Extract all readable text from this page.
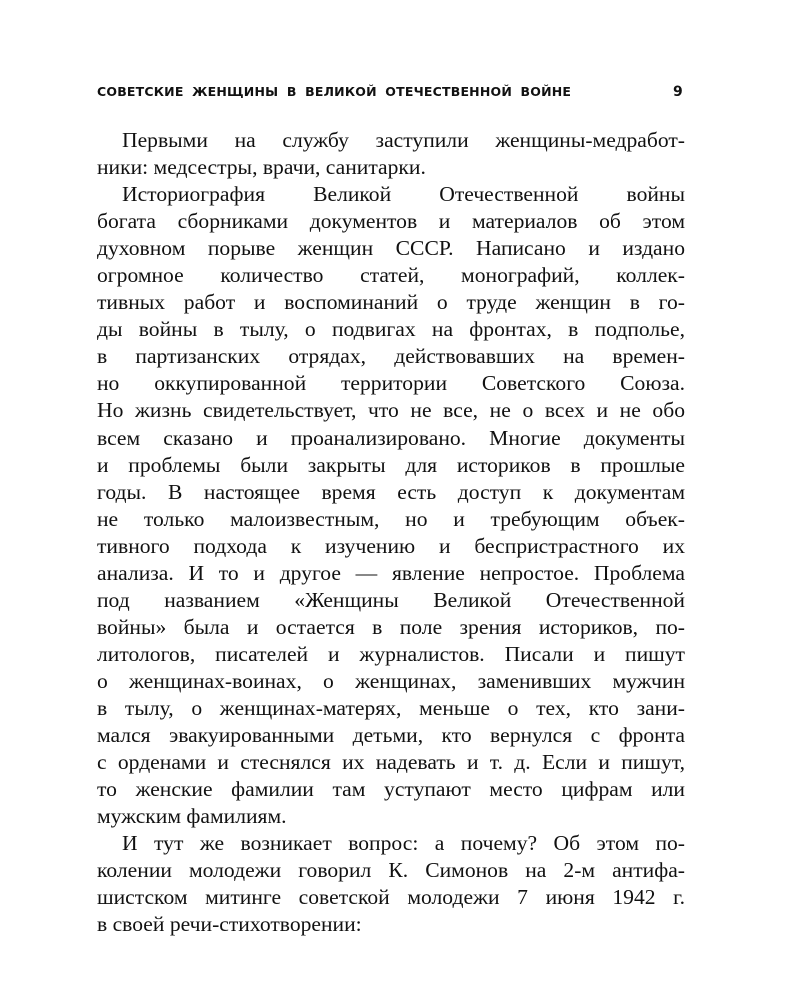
СОВЕТСКИЕ ЖЕНЩИНЫ В ВЕЛИКОЙ ОТЕЧЕСТВЕННОЙ ВОЙНЕ	9
Первыми на службу заступили женщины-медработ-
ники: медсестры, врачи, санитарки.
Историография Великой Отечественной войны
богата сборниками документов и материалов об этом
духовном порыве женщин СССР. Написано и издано
огромное количество статей, монографий, коллек-
тивных работ и воспоминаний о труде женщин в го-
ды войны в тылу, о подвигах на фронтах, в подполье,
в партизанских отрядах, действовавших на времен-
но оккупированной территории Советского Союза.
Но жизнь свидетельствует, что не все, не о всех и не обо
всем сказано и проанализировано. Многие документы
и проблемы были закрыты для историков в прошлые
годы. В настоящее время есть доступ к документам
не только малоизвестным, но и требующим объек-
тивного подхода к изучению и беспристрастного их
анализа. И то и другое — явление непростое. Проблема
под названием «Женщины Великой Отечественной
войны» была и остается в поле зрения историков, по-
литологов, писателей и журналистов. Писали и пишут
о женщинах-воинах, о женщинах, заменивших мужчин
в тылу, о женщинах-матерях, меньше о тех, кто зани-
мался эвакуированными детьми, кто вернулся с фронта
с орденами и стеснялся их надевать и т. д. Если и пишут,
то женские фамилии там уступают место цифрам или
мужским фамилиям.
И тут же возникает вопрос: а почему? Об этом по-
колении молодежи говорил К. Симонов на 2-м антифа-
шистском митинге советской молодежи 7 июня 1942 г.
в своей речи-стихотворении:
